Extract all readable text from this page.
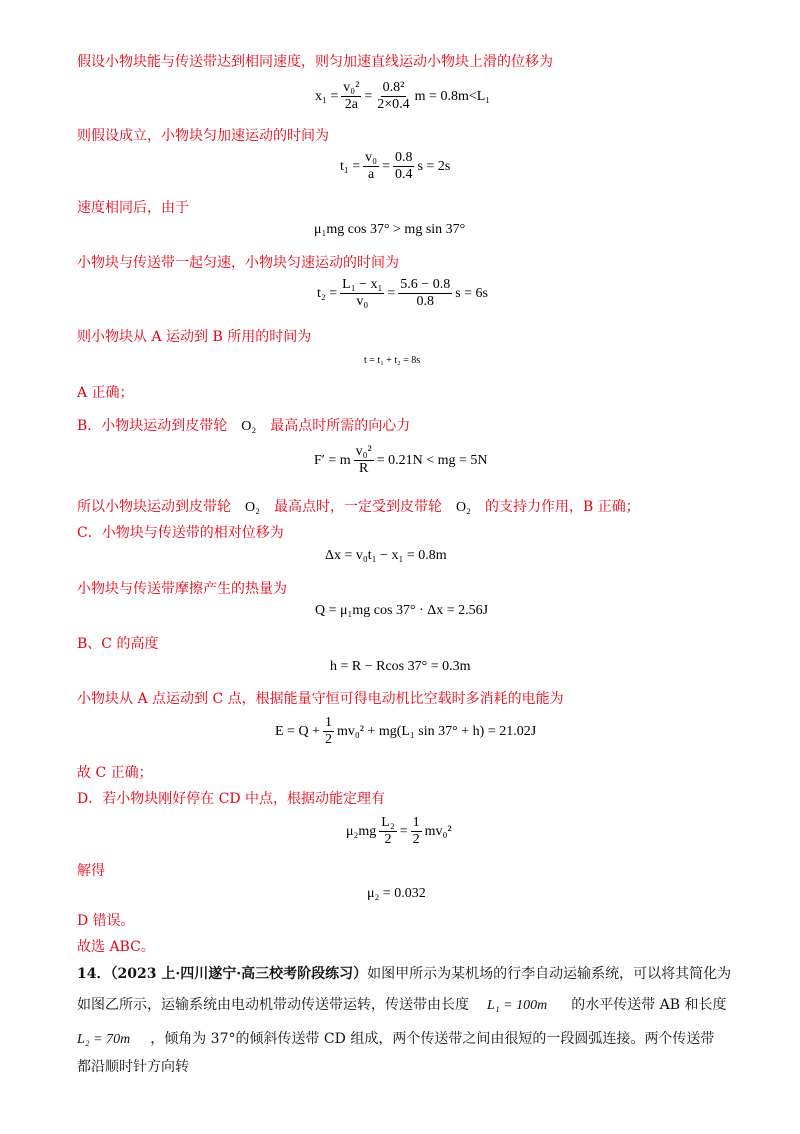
假设小物块能与传送带达到相同速度，则匀加速直线运动小物块上滑的位移为
$x_1 = \frac{\text{v₀²}}{2a} = \frac{\text{0.8²}}{2\times 0.4}$ m = 0.8m<L₁
则假设成立，小物块匀加速运动的时间为
$t_1 = \frac{\text{v₀}}{a} = \frac{0.8}{0.4}$ s = 2s
速度相同后，由于
μ₁mg cos 37° > mg sin 37°
小物块与传送带一起匀速，小物块匀速运动的时间为
$t_2 = \frac{\text{L₁ − x₁}}{\text{v₀}} = \frac{5.6 - 0.8}{0.8}$ s = 6s
则小物块从 A 运动到 B 所用的时间为
t = t₁ + t₂ = 8s
A 正确；
B．小物块运动到皮带轮 O₂ 最高点时所需的向心力
F′ = m $\frac{\text{v₀²}}{R} = 0.21N$ < mg = 5N
所以小物块运动到皮带轮 O₂ 最高点时，一定受到皮带轮 O₂ 的支持力作用，B 正确；
C．小物块与传送带的相对位移为
Δx = v₀t₁ − x₁ = 0.8m
小物块与传送带摩擦产生的热量为
Q = μ₁mg cos 37° · Δx = 2.56J
B、C 的高度
h = R − Rcos 37° = 0.3m
小物块从 A 点运动到 C 点，根据能量守恒可得电动机比空载时多消耗的电能为
$E = Q + \frac{1}{2} mv_0^2 + mg(L_1$ sin 37° + h) = 21.02J
故 C 正确；
D．若小物块刚好停在 CD 中点，根据动能定理有
$\mu_2mg \frac{\text{L₂}}{2} = \frac{1}{2} mv_0^2$
解得
μ₂ = 0.032
D 错误。
故选 ABC。
14．（2023 上·四川遂宁·高三校考阶段练习）如图甲所示为某机场的行李自动运输系统，可以将其简化为
如图乙所示，运输系统由电动机带动传送带运转，传送带由长度 L₁ = 100m 的水平传送带 AB 和长度
L₂ = 70m ，倾角为 37°的倾斜传送带 CD 组成，两个传送带之间由很短的一段圆弧连接。两个传送带
都沿顺时针方向转
